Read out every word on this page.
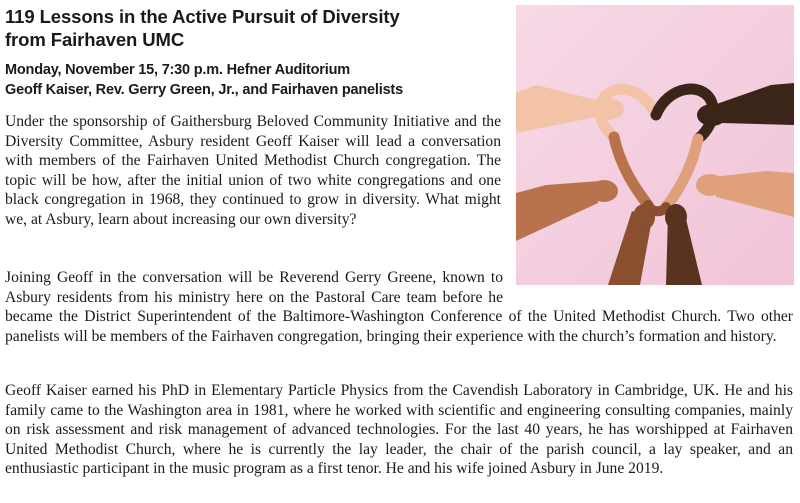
119 Lessons in the Active Pursuit of Diversity
from Fairhaven UMC

Monday, November 15, 7:30 p.m. Hefner Auditorium

Geoff Kaiser, Rev. Gerry Green, Jr., and Fairhaven panelists

Under the sponsorship of Gaithersburg Beloved Community Initiative and the Diversity Committee, Asbury resident Geoff Kaiser will lead a conversation with members of the Fairhaven United Methodist Church congregation. The topic will be how, after the initial union of two white congregations and one black congregation in 1968, they continued to grow in diversity. What might we, at Asbury, learn about increasing our own diversity?

Joining Geoff in the conversation will be Reverend Gerry Greene, known to Asbury residents from his ministry here on the Pastoral Care team before he became the District Superintendent of the Baltimore-Washington Conference of the United Methodist Church. Two other panelists will be members of the Fairhaven congregation, bringing their experience with the church’s formation and history.

Geoff Kaiser earned his PhD in Elementary Particle Physics from the Cavendish Laboratory in Cambridge, UK. He and his family came to the Washington area in 1981, where he worked with scientific and engineering consulting companies, mainly on risk assessment and risk management of advanced technologies. For the last 40 years, he has worshipped at Fairhaven United Methodist Church, where he is currently the lay leader, the chair of the parish council, a lay speaker, and an enthusiastic participant in the music program as a first tenor. He and his wife joined Asbury in June 2019.
